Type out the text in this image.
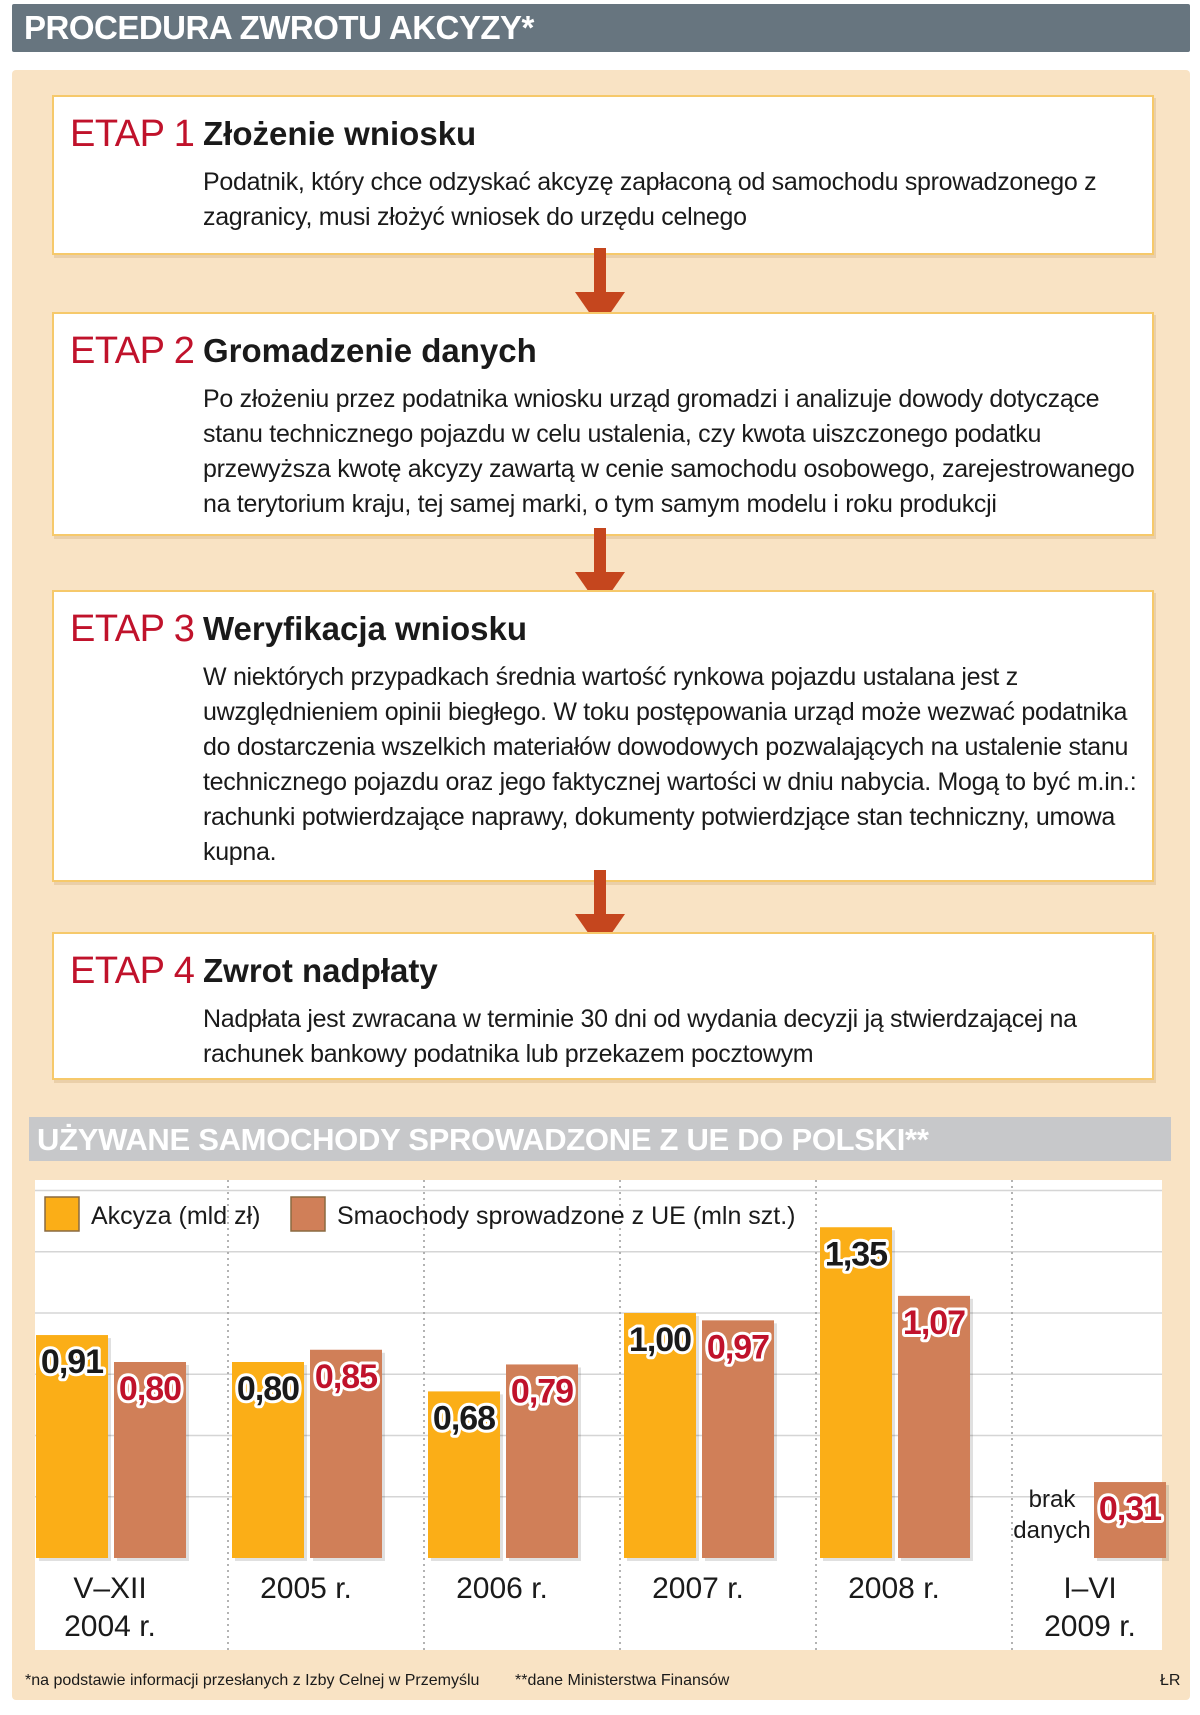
PROCEDURA ZWROTU AKCYZY*
ETAP 1 Złożenie wniosku
Podatnik, który chce odzyskać akcyzę zapłaconą od samochodu sprowadzonego z zagranicy, musi złożyć wniosek do urzędu celnego
ETAP 2 Gromadzenie danych
Po złożeniu przez podatnika wniosku urząd gromadzi i analizuje dowody dotyczące stanu technicznego pojazdu w celu ustalenia, czy kwota uiszczonego podatku przewyższa kwotę akcyzy zawartą w cenie samochodu osobowego, zarejestrowanego na terytorium kraju, tej samej marki, o tym samym modelu i roku produkcji
ETAP 3 Weryfikacja wniosku
W niektórych przypadkach średnia wartość rynkowa pojazdu ustalana jest z uwzględnieniem opinii biegłego. W toku postępowania urząd może wezwać podatnika do dostarczenia wszelkich materiałów dowodowych pozwalających na ustalenie stanu technicznego pojazdu oraz jego faktycznej wartości w dniu nabycia. Mogą to być m.in.: rachunki potwierdzające naprawy, dokumenty potwierdzjące stan techniczny, umowa kupna.
ETAP 4 Zwrot nadpłaty
Nadpłata jest zwracana w terminie 30 dni od wydania decyzji ją stwierdzającej na rachunek bankowy podatnika lub przekazem pocztowym
UŻYWANE SAMOCHODY SPROWADZONE Z UE DO POLSKI**
0,91
0,80
V–XII
2004 r.
0,80 0,85
2005 r.
0,68
0,79
2006 r.
1,00 0,97
2007 r.
1,35
1,07
2008 r.
brak
danych
0,31
I–VI
2009 r.
Akcyza (mld zł)	Smaochody sprowadzone z UE (mln szt.)
*na podstawie informacji przesłanych z Izby Celnej w Przemyślu **dane Ministerstwa Finansów	ŁR
